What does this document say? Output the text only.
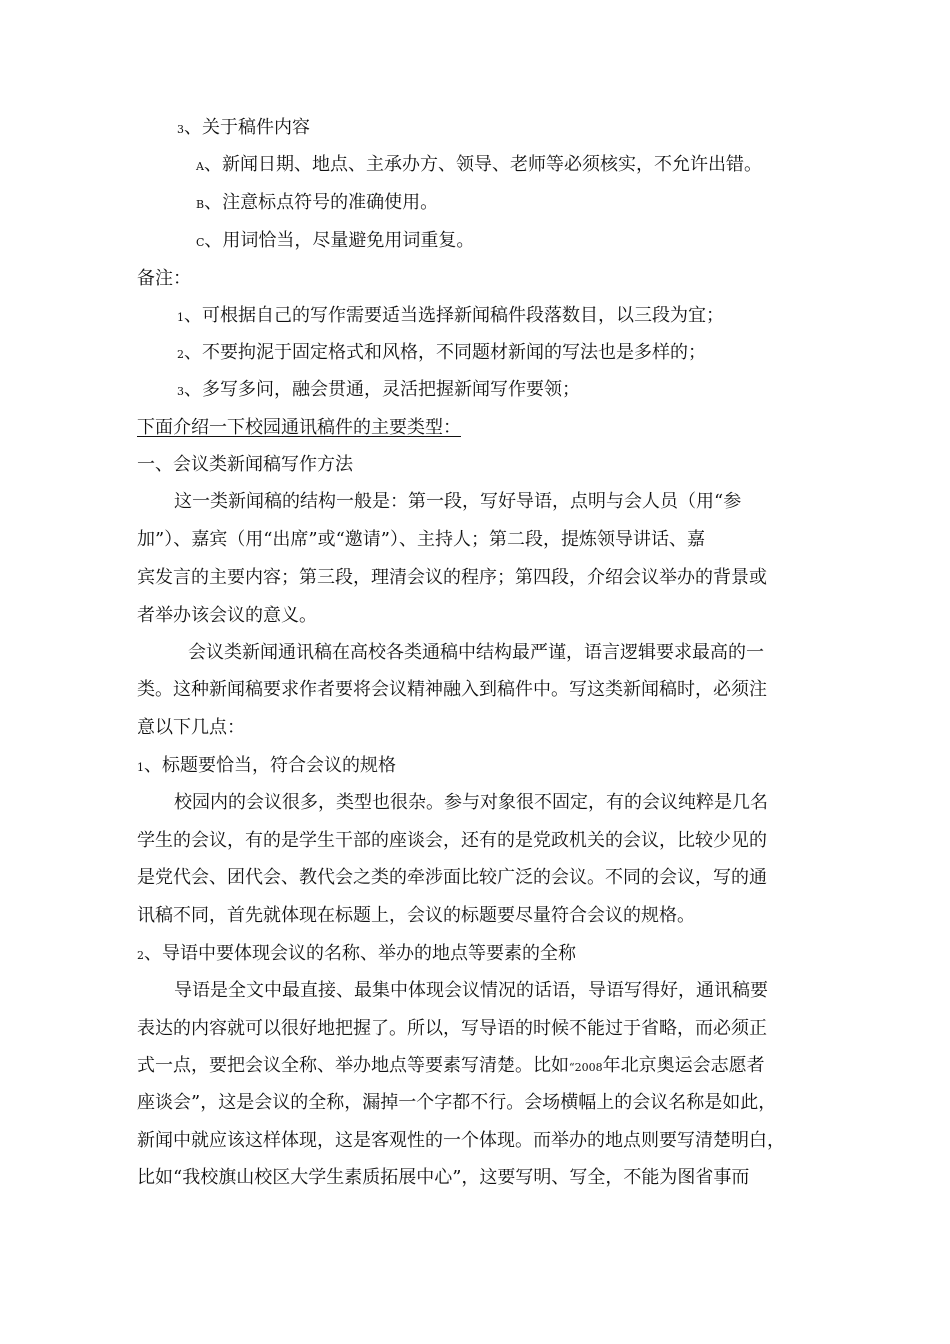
3、关于稿件内容
A、新闻日期、地点、主承办方、领导、老师等必须核实，不允许出错。
B、注意标点符号的准确使用。
C、用词恰当，尽量避免用词重复。
备注：
1、可根据自己的写作需要适当选择新闻稿件段落数目，以三段为宜；
2、不要拘泥于固定格式和风格，不同题材新闻的写法也是多样的；
3、多写多问，融会贯通，灵活把握新闻写作要领；
下面介绍一下校园通讯稿件的主要类型：
一、会议类新闻稿写作方法
这一类新闻稿的结构一般是：第一段，写好导语，点明与会人员（用“参
加”）、嘉宾（用“出席”或“邀请”）、主持人；第二段，提炼领导讲话、嘉
宾发言的主要内容；第三段，理清会议的程序；第四段，介绍会议举办的背景或
者举办该会议的意义。
会议类新闻通讯稿在高校各类通稿中结构最严谨，语言逻辑要求最高的一
类。这种新闻稿要求作者要将会议精神融入到稿件中。写这类新闻稿时，必须注
意以下几点：
1、标题要恰当，符合会议的规格
校园内的会议很多，类型也很杂。参与对象很不固定，有的会议纯粹是几名
学生的会议，有的是学生干部的座谈会，还有的是党政机关的会议，比较少见的
是党代会、团代会、教代会之类的牵涉面比较广泛的会议。不同的会议，写的通
讯稿不同，首先就体现在标题上，会议的标题要尽量符合会议的规格。
2、导语中要体现会议的名称、举办的地点等要素的全称
导语是全文中最直接、最集中体现会议情况的话语，导语写得好，通讯稿要
表达的内容就可以很好地把握了。所以，写导语的时候不能过于省略，而必须正
式一点，要把会议全称、举办地点等要素写清楚。比如“2008年北京奥运会志愿者
座谈会”，这是会议的全称，漏掉一个字都不行。会场横幅上的会议名称是如此，
新闻中就应该这样体现，这是客观性的一个体现。而举办的地点则要写清楚明白，
比如“我校旗山校区大学生素质拓展中心”，这要写明、写全，不能为图省事而
